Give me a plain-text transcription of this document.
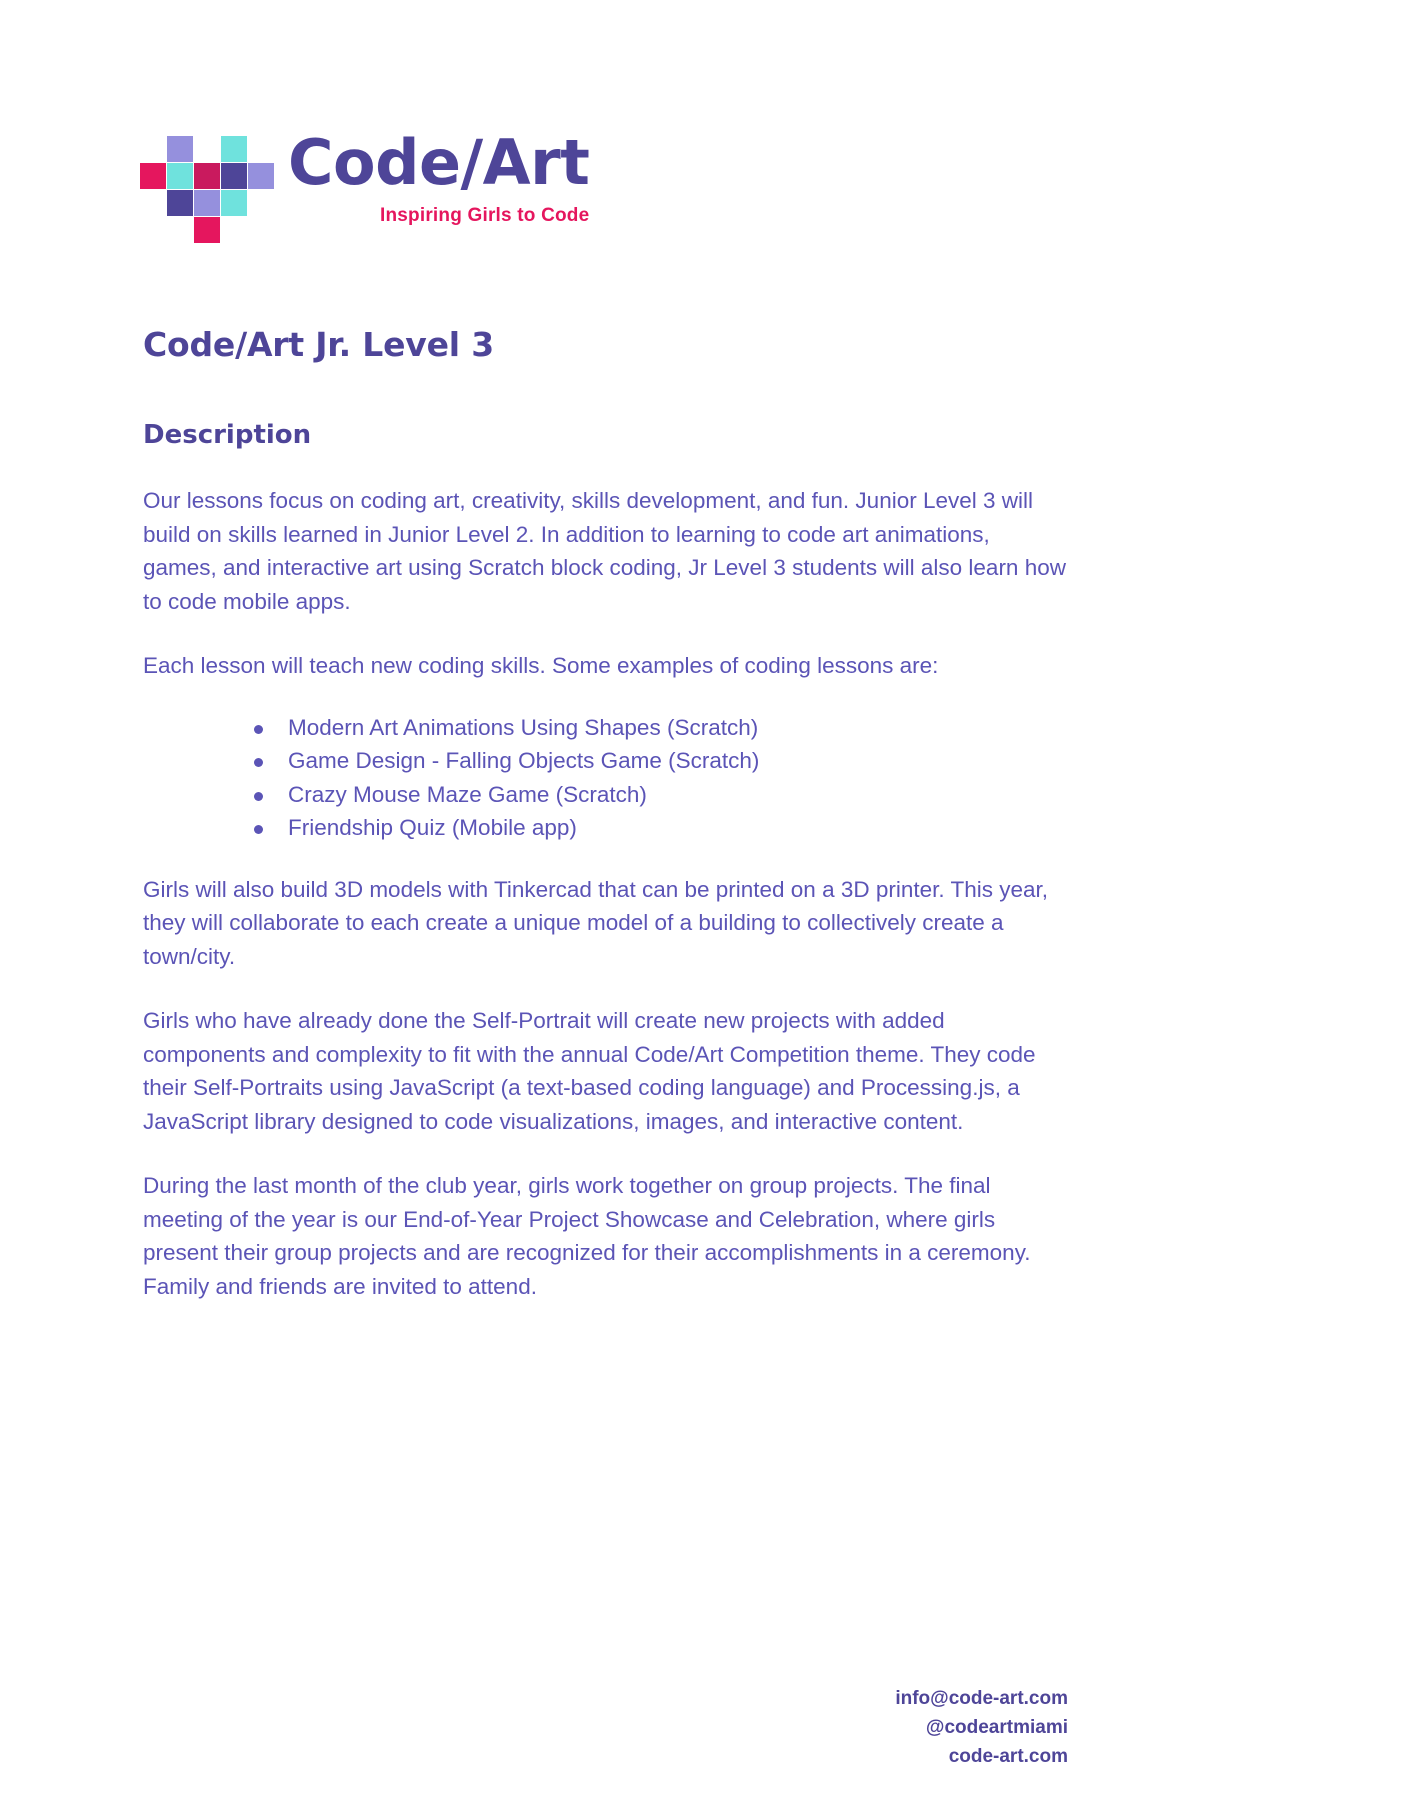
Code/Art
Inspiring Girls to Code
Code/Art Jr. Level 3
Description

Our lessons focus on coding art, creativity, skills development, and fun. Junior Level 3 will build on skills learned in Junior Level 2. In addition to learning to code art animations, games, and interactive art using Scratch block coding, Jr Level 3 students will also learn how to code mobile apps.

Each lesson will teach new coding skills. Some examples of coding lessons are:

Modern Art Animations Using Shapes (Scratch)
Game Design - Falling Objects Game (Scratch)
Crazy Mouse Maze Game (Scratch)
Friendship Quiz (Mobile app)

Girls will also build 3D models with Tinkercad that can be printed on a 3D printer. This year, they will collaborate to each create a unique model of a building to collectively create a town/city.

Girls who have already done the Self-Portrait will create new projects with added components and complexity to fit with the annual Code/Art Competition theme. They code their Self-Portraits using JavaScript (a text-based coding language) and Processing.js, a JavaScript library designed to code visualizations, images, and interactive content.

During the last month of the club year, girls work together on group projects. The final meeting of the year is our End-of-Year Project Showcase and Celebration, where girls present their group projects and are recognized for their accomplishments in a ceremony. Family and friends are invited to attend.

info@code-art.com
@codeartmiami
code-art.com
